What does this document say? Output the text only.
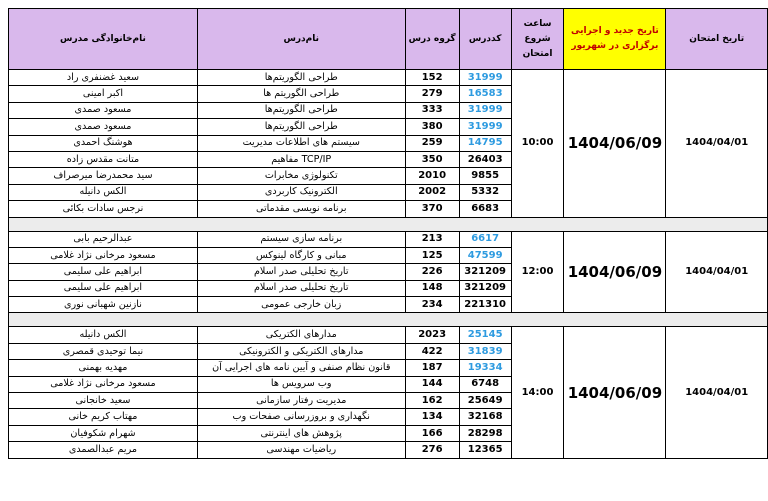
نام‌خانوادگی مدرس	نام‌درس	گروه درس	کددرس	ساعت شروع امتحان	تاریخ جدید و اجرایی برگزاری در شهریور	تاریخ امتحان
سعید غضنفری راد	طراحی الگوریتم‌ها	152	31999	10:00	1404/06/09	1404/04/01
اکبر امینی	طراحی الگوریتم ها	279	16583			
مسعود صمدی	طراحی الگوریتم‌ها	333	31999			
مسعود صمدی	طراحی الگوریتم‌ها	380	31999			
هوشنگ احمدی	سیستم های اطلاعات مدیریت	259	14795			
متانت مقدس زاده	مفاهیم TCP/IP	350	26403			
سید محمدرضا میرصراف	تکنولوژی مخابرات	2010	9855			
الکس دانیله	الکترونیک کاربردی	2002	5332			
نرجس سادات بکائی	برنامه نویسی مقدماتی	370	6683			

عبدالرحیم بابی	برنامه سازی سیستم	213	6617	12:00	1404/06/09	1404/04/01
مسعود مرخانی نژاد غلامی	مبانی و کارگاه لینوکس	125	47599			
ابراهیم علی سلیمی	تاریخ تحلیلی صدر اسلام	226	321209			
ابراهیم علی سلیمی	تاریخ تحلیلی صدر اسلام	148	321209			
نازنین شهبانی نوری	زبان خارجی عمومی	234	221310			

الکس دانیله	مدارهای الکتریکی	2023	25145	14:00	1404/06/09	1404/04/01
نیما توحیدی قمصری	مدارهای الکتریکی و الکترونیکی	422	31839			
مهدیه بهمنی	قانون نظام صنفی و آیین نامه های اجرایی آن	187	19334			
مسعود مرخانی نژاد غلامی	وب سرویس ها	144	6748			
سعید خانجانی	مدیریت رفتار سازمانی	162	25649			
مهتاب کریم خانی	نگهداری و بروزرسانی صفحات وب	134	32168			
شهرام شکوفیان	پژوهش های اینترنتی	166	28298			
مریم عبدالصمدی	ریاضیات مهندسی	276	12365			
